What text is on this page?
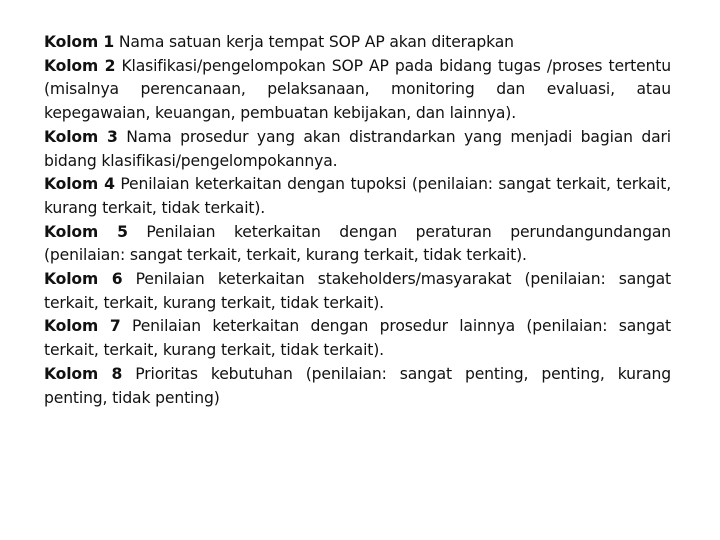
Kolom 1 Nama satuan kerja tempat SOP AP akan diterapkan

Kolom 2 Klasifikasi/pengelompokan SOP AP pada bidang tugas /proses tertentu (misalnya perencanaan, pelaksanaan, monitoring dan evaluasi, atau kepegawaian, keuangan, pembuatan kebijakan, dan lainnya).

Kolom 3 Nama prosedur yang akan distrandarkan yang menjadi bagian dari bidang klasifikasi/pengelompokannya.

Kolom 4 Penilaian keterkaitan dengan tupoksi (penilaian: sangat terkait, terkait, kurang terkait, tidak terkait).

Kolom 5 Penilaian keterkaitan dengan peraturan perundangundangan (penilaian: sangat terkait, terkait, kurang terkait, tidak terkait).

Kolom 6 Penilaian keterkaitan stakeholders/masyarakat (penilaian: sangat terkait, terkait, kurang terkait, tidak terkait).

Kolom 7 Penilaian keterkaitan dengan prosedur lainnya (penilaian: sangat terkait, terkait, kurang terkait, tidak terkait).

Kolom 8 Prioritas kebutuhan (penilaian: sangat penting, penting, kurang penting, tidak penting)
